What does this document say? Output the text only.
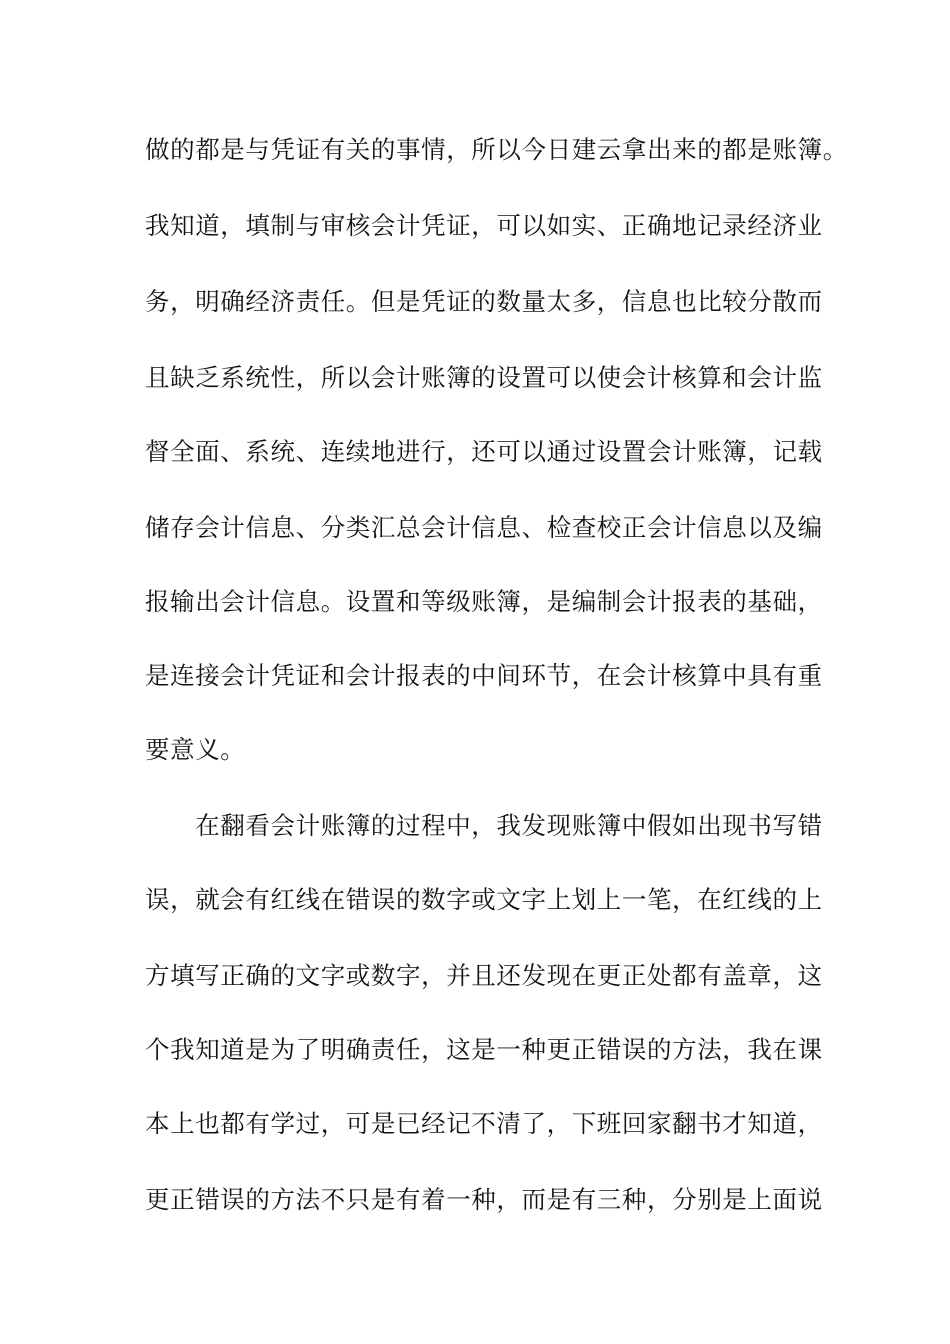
做的都是与凭证有关的事情，所以今日建云拿出来的都是账簿。
我知道，填制与审核会计凭证，可以如实、正确地记录经济业
务，明确经济责任。但是凭证的数量太多，信息也比较分散而
且缺乏系统性，所以会计账簿的设置可以使会计核算和会计监
督全面、系统、连续地进行，还可以通过设置会计账簿，记载
储存会计信息、分类汇总会计信息、检查校正会计信息以及编
报输出会计信息。设置和等级账簿，是编制会计报表的基础，
是连接会计凭证和会计报表的中间环节，在会计核算中具有重
要意义。
　　在翻看会计账簿的过程中，我发现账簿中假如出现书写错
误，就会有红线在错误的数字或文字上划上一笔，在红线的上
方填写正确的文字或数字，并且还发现在更正处都有盖章，这
个我知道是为了明确责任，这是一种更正错误的方法，我在课
本上也都有学过，可是已经记不清了，下班回家翻书才知道，
更正错误的方法不只是有着一种，而是有三种，分别是上面说
